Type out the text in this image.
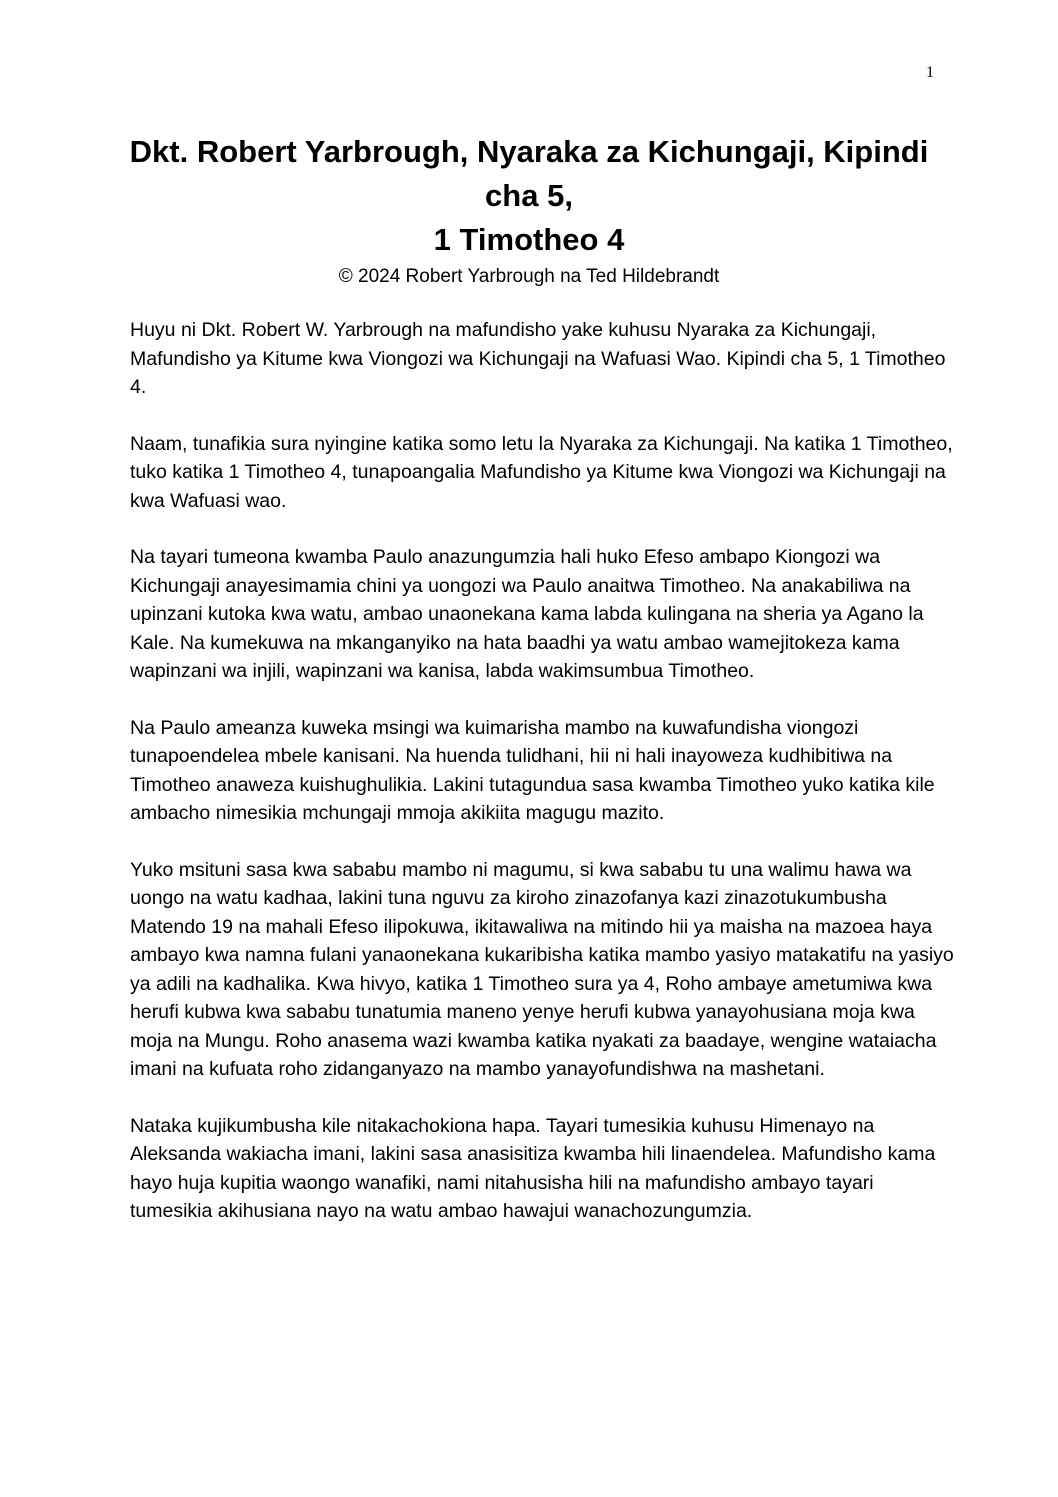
1
Dkt. Robert Yarbrough, Nyaraka za Kichungaji, Kipindi
cha 5,
1 Timotheo 4
© 2024 Robert Yarbrough na Ted Hildebrandt

Huyu ni Dkt. Robert W. Yarbrough na mafundisho yake kuhusu Nyaraka za Kichungaji, Mafundisho ya Kitume kwa Viongozi wa Kichungaji na Wafuasi Wao. Kipindi cha 5, 1 Timotheo 4.

Naam, tunafikia sura nyingine katika somo letu la Nyaraka za Kichungaji. Na katika 1 Timotheo, tuko katika 1 Timotheo 4, tunapoangalia Mafundisho ya Kitume kwa Viongozi wa Kichungaji na kwa Wafuasi wao.

Na tayari tumeona kwamba Paulo anazungumzia hali huko Efeso ambapo Kiongozi wa Kichungaji anayesimamia chini ya uongozi wa Paulo anaitwa Timotheo. Na anakabiliwa na upinzani kutoka kwa watu, ambao unaonekana kama labda kulingana na sheria ya Agano la Kale. Na kumekuwa na mkanganyiko na hata baadhi ya watu ambao wamejitokeza kama wapinzani wa injili, wapinzani wa kanisa, labda wakimsumbua Timotheo.

Na Paulo ameanza kuweka msingi wa kuimarisha mambo na kuwafundisha viongozi tunapoendelea mbele kanisani. Na huenda tulidhani, hii ni hali inayoweza kudhibitiwa na Timotheo anaweza kuishughulikia. Lakini tutagundua sasa kwamba Timotheo yuko katika kile ambacho nimesikia mchungaji mmoja akikiita magugu mazito.

Yuko msituni sasa kwa sababu mambo ni magumu, si kwa sababu tu una walimu hawa wa uongo na watu kadhaa, lakini tuna nguvu za kiroho zinazofanya kazi zinazotukumbusha Matendo 19 na mahali Efeso ilipokuwa, ikitawaliwa na mitindo hii ya maisha na mazoea haya ambayo kwa namna fulani yanaonekana kukaribisha katika mambo yasiyo matakatifu na yasiyo ya adili na kadhalika. Kwa hivyo, katika 1 Timotheo sura ya 4, Roho ambaye ametumiwa kwa herufi kubwa kwa sababu tunatumia maneno yenye herufi kubwa yanayohusiana moja kwa moja na Mungu. Roho anasema wazi kwamba katika nyakati za baadaye, wengine wataiacha imani na kufuata roho zidanganyazo na mambo yanayofundishwa na mashetani.

Nataka kujikumbusha kile nitakachokiona hapa. Tayari tumesikia kuhusu Himenayo na Aleksanda wakiacha imani, lakini sasa anasisitiza kwamba hili linaendelea. Mafundisho kama hayo huja kupitia waongo wanafiki, nami nitahusisha hili na mafundisho ambayo tayari tumesikia akihusiana nayo na watu ambao hawajui wanachozungumzia.
